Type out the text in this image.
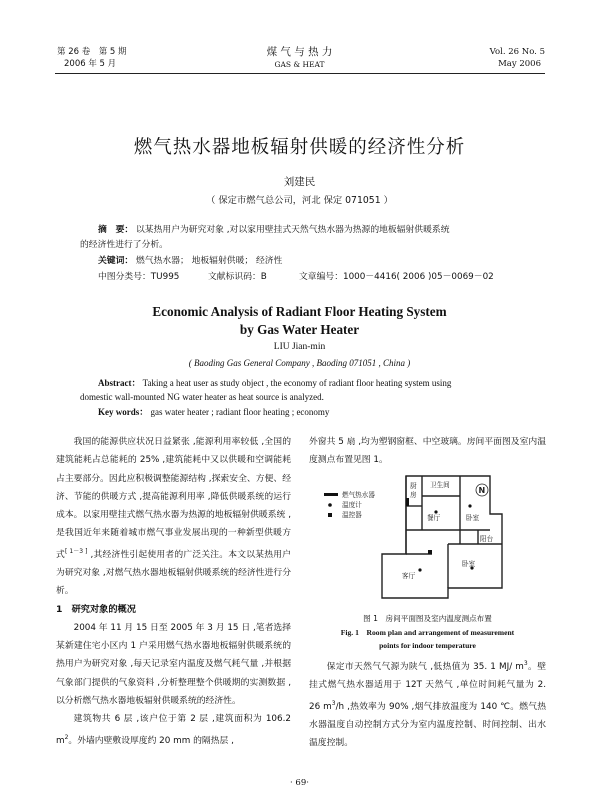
第 26 卷　第 5 期
2006 年 5 月
煤 气 与 热 力
GAS & HEAT
Vol. 26 No. 5
May 2006
燃气热水器地板辐射供暖的经济性分析
刘建民
（ 保定市燃气总公司，河北 保定 071051 ）
摘　要： 以某热用户为研究对象 ,对以家用壁挂式天然气热水器为热源的地板辐射供暖系统
的经济性进行了分析。
关键词： 燃气热水器； 地板辐射供暖； 经济性
中图分类号：TU995	文献标识码：B	文章编号：1000－4416( 2006 )05－0069－02
Economic Analysis of Radiant Floor Heating System
by Gas Water Heater
LIU Jian-min
( Baoding Gas General Company , Baoding 071051 , China )
Abstract： Taking a heat user as study object , the economy of radiant floor heating system using
domestic wall-mounted NG water heater as heat source is analyzed.
Key words： gas water heater ; radiant floor heating ; economy

我国的能源供应状况日益紧张 ,能源利用率较低 ,全国的建筑能耗占总能耗的 25% ,建筑能耗中又以供暖和空调能耗占主要部分。因此应积极调整能源结构 ,探索安全、方便、经济、节能的供暖方式 ,提高能源利用率 ,降低供暖系统的运行成本。以家用壁挂式燃气热水器为热源的地板辐射供暖系统 ,是我国近年来随着城市燃气事业发展出现的一种新型供暖方式[ 1－3 ] ,其经济性引起使用者的广泛关注。本文以某热用户为研究对象 ,对燃气热水器地板辐射供暖系统的经济性进行分析。

1　研究对象的概况

2004 年 11 月 15 日至 2005 年 3 月 15 日 ,笔者选择某新建住宅小区内 1 户采用燃气热水器地板辐射供暖系统的热用户为研究对象 ,每天记录室内温度及燃气耗气量 ,并根据气象部门提供的气象资料 ,分析整理整个供暖期的实测数据 ,以分析燃气热水器地板辐射供暖系统的经济性。

建筑物共 6 层 ,该户位于第 2 层 ,建筑面积为 106.2 $m^2$。外墙内壁敷设厚度约 20 mm 的隔热层 ,

外窗共 5 扇 ,均为塑钢窗框、中空玻璃。房间平面图及室内温度测点布置见图 1。

燃气热水器
温度计
温控器
厨
房
卫生间
餐厅	卧室
阳台
卧室
客厅
N
图 1　房间平面图及室内温度测点布置
Fig. 1　Room plan and arrangement of measurement
points for indoor temperature

保定市天然气气源为陕气 ,低热值为 35. 1 MJ/ $m^3$。壁挂式燃气热水器适用于 12T 天然气 ,单位时间耗气量为 2. 26 $m^3/h$ ,热效率为 90% ,烟气排放温度为 140 ℃。燃气热水器温度自动控制方式分为室内温度控制、时间控制、出水温度控制。

· 69·
